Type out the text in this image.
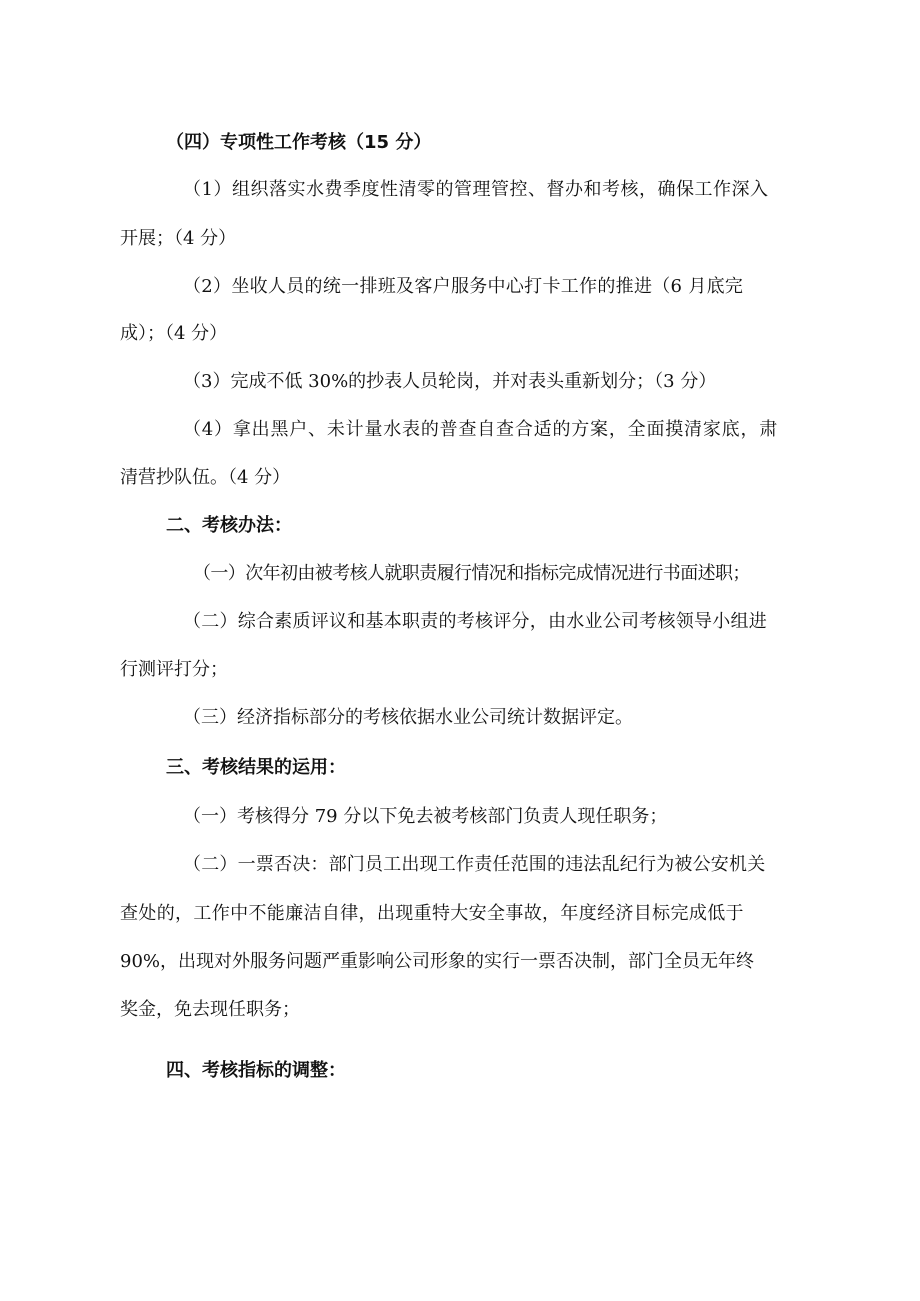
（四）专项性工作考核（15 分）
（1）组织落实水费季度性清零的管理管控、督办和考核，确保工作深入
开展；（4 分）
（2）坐收人员的统一排班及客户服务中心打卡工作的推进（6 月底完
成）；（4 分）
（3）完成不低 30%的抄表人员轮岗，并对表头重新划分；（3 分）
（4）拿出黑户、未计量水表的普查自查合适的方案，全面摸清家底，肃
清营抄队伍。（4 分）
二、考核办法：
（一）次年初由被考核人就职责履行情况和指标完成情况进行书面述职；
（二）综合素质评议和基本职责的考核评分，由水业公司考核领导小组进
行测评打分；
（三）经济指标部分的考核依据水业公司统计数据评定。
三、考核结果的运用：
（一）考核得分 79 分以下免去被考核部门负责人现任职务；
（二）一票否决：部门员工出现工作责任范围的违法乱纪行为被公安机关
查处的，工作中不能廉洁自律，出现重特大安全事故，年度经济目标完成低于
90%，出现对外服务问题严重影响公司形象的实行一票否决制，部门全员无年终
奖金，免去现任职务；
四、考核指标的调整：
